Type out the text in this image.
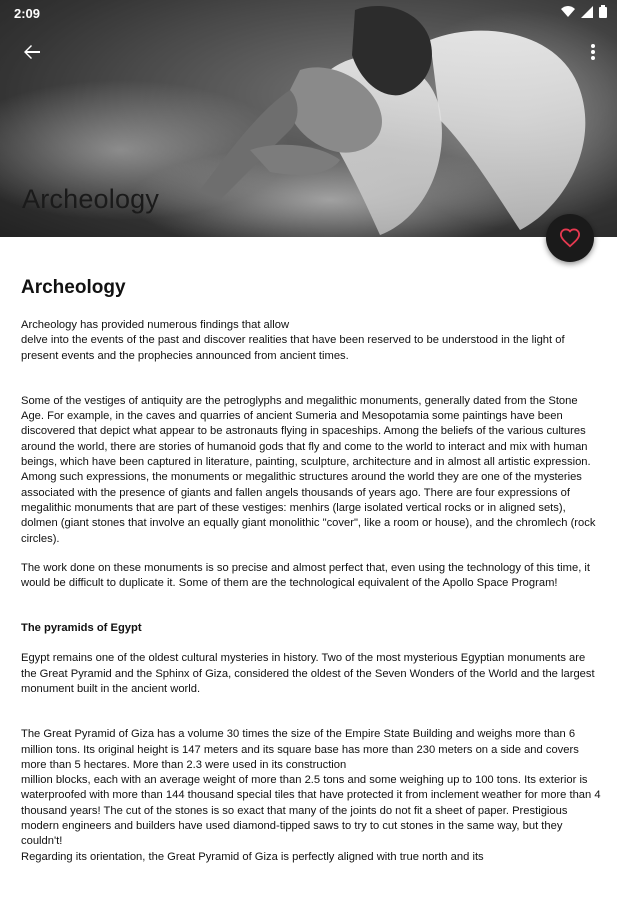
2:09
Archeology
Archeology

Archeology has provided numerous findings that allow
delve into the events of the past and discover realities that have been reserved to be understood in the light of present events and the prophecies announced from ancient times.

Some of the vestiges of antiquity are the petroglyphs and megalithic monuments, generally dated from the Stone Age. For example, in the caves and quarries of ancient Sumeria and Mesopotamia some paintings have been discovered that depict what appear to be astronauts flying in spaceships. Among the beliefs of the various cultures around the world, there are stories of humanoid gods that fly and come to the world to interact and mix with human beings, which have been captured in literature, painting, sculpture, architecture and in almost all artistic expression. Among such expressions, the monuments or megalithic structures around the world they are one of the mysteries associated with the presence of giants and fallen angels thousands of years ago. There are four expressions of megalithic monuments that are part of these vestiges: menhirs (large isolated vertical rocks or in aligned sets), dolmen (giant stones that involve an equally giant monolithic "cover", like a room or house), and the chromlech (rock circles).

The work done on these monuments is so precise and almost perfect that, even using the technology of this time, it would be difficult to duplicate it. Some of them are the technological equivalent of the Apollo Space Program!

The pyramids of Egypt

Egypt remains one of the oldest cultural mysteries in history. Two of the most mysterious Egyptian monuments are the Great Pyramid and the Sphinx of Giza, considered the oldest of the Seven Wonders of the World and the largest monument built in the ancient world.

The Great Pyramid of Giza has a volume 30 times the size of the Empire State Building and weighs more than 6 million tons. Its original height is 147 meters and its square base has more than 230 meters on a side and covers more than 5 hectares. More than 2.3 were used in its construction
million blocks, each with an average weight of more than 2.5 tons and some weighing up to 100 tons. Its exterior is waterproofed with more than 144 thousand special tiles that have protected it from inclement weather for more than 4 thousand years! The cut of the stones is so exact that many of the joints do not fit a sheet of paper. Prestigious modern engineers and builders have used diamond-tipped saws to try to cut stones in the same way, but they couldn't!
Regarding its orientation, the Great Pyramid of Giza is perfectly aligned with true north and its
